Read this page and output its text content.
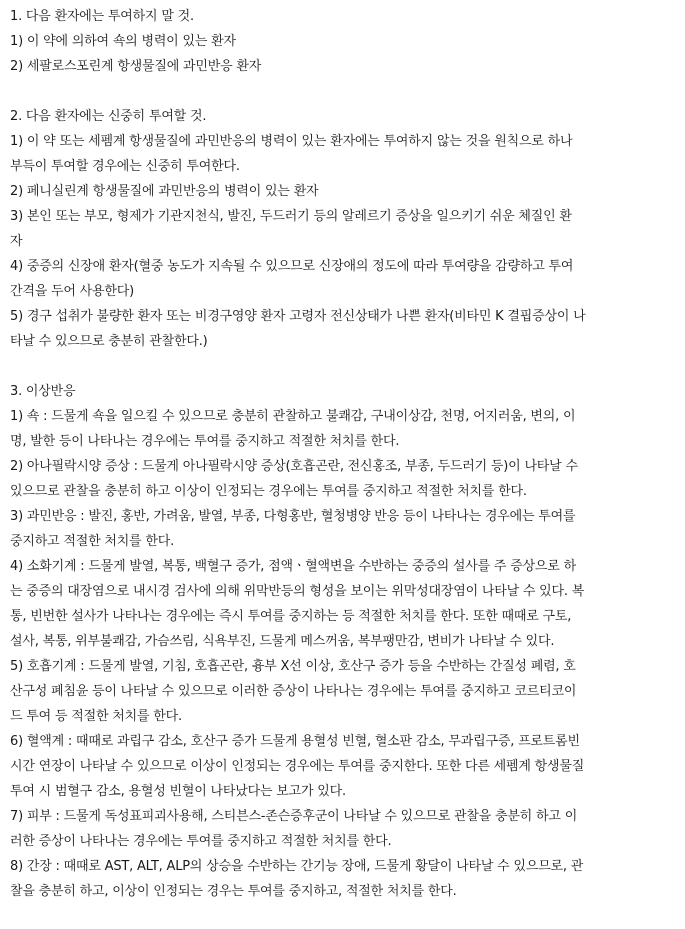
1. 다음 환자에는 투여하지 말 것.
1) 이 약에 의하여 쇽의 병력이 있는 환자
2) 세팔로스포린계 항생물질에 과민반응 환자
2. 다음 환자에는 신중히 투여할 것.
1) 이 약 또는 세펨계 항생물질에 과민반응의 병력이 있는 환자에는 투여하지 않는 것을 원칙으로 하나
부득이 투여할 경우에는 신중히 투여한다.
2) 페니실린계 항생물질에 과민반응의 병력이 있는 환자
3) 본인 또는 부모, 형제가 기관지천식, 발진, 두드러기 등의 알레르기 증상을 일으키기 쉬운 체질인 환
자
4) 중증의 신장애 환자(혈중 농도가 지속될 수 있으므로 신장애의 정도에 따라 투여량을 감량하고 투여
간격을 두어 사용한다)
5) 경구 섭취가 불량한 환자 또는 비경구영양 환자 고령자 전신상태가 나쁜 환자(비타민 K 결핍증상이 나
타날 수 있으므로 충분히 관찰한다.)
3. 이상반응
1) 쇽 : 드물게 쇽을 일으킬 수 있으므로 충분히 관찰하고 불쾌감, 구내이상감, 천명, 어지러움, 변의, 이
명, 발한 등이 나타나는 경우에는 투여를 중지하고 적절한 처치를 한다.
2) 아나필락시양 증상 : 드물게 아나필락시양 증상(호흡곤란, 전신홍조, 부종, 두드러기 등)이 나타날 수
있으므로 관찰을 충분히 하고 이상이 인정되는 경우에는 투여를 중지하고 적절한 처치를 한다.
3) 과민반응 : 발진, 홍반, 가려움, 발열, 부종, 다형홍반, 혈청병양 반응 등이 나타나는 경우에는 투여를
중지하고 적절한 처치를 한다.
4) 소화기계 : 드물게 발열, 복통, 백혈구 증가, 점액ㆍ혈액변을 수반하는 중증의 설사를 주 증상으로 하
는 중증의 대장염으로 내시경 검사에 의해 위막반등의 형성을 보이는 위막성대장염이 나타날 수 있다. 복
통, 빈번한 설사가 나타나는 경우에는 즉시 투여를 중지하는 등 적절한 처치를 한다. 또한 때때로 구토,
설사, 복통, 위부불쾌감, 가슴쓰림, 식욕부진, 드물게 메스꺼움, 복부팽만감, 변비가 나타날 수 있다.
5) 호흡기계 : 드물게 발열, 기침, 호흡곤란, 흉부 X선 이상, 호산구 증가 등을 수반하는 간질성 폐렴, 호
산구성 폐침윤 등이 나타날 수 있으므로 이러한 증상이 나타나는 경우에는 투여를 중지하고 코르티코이
드 투여 등 적절한 처치를 한다.
6) 혈액계 : 때때로 과립구 감소, 호산구 증가 드물게 용혈성 빈혈, 혈소판 감소, 무과립구증, 프로트롬빈
시간 연장이 나타날 수 있으므로 이상이 인정되는 경우에는 투여를 중지한다. 또한 다른 세펨계 항생물질
투여 시 범혈구 감소, 용혈성 빈혈이 나타났다는 보고가 있다.
7) 피부 : 드물게 독성표피괴사용해, 스티븐스-존슨증후군이 나타날 수 있으므로 관찰을 충분히 하고 이
러한 증상이 나타나는 경우에는 투여를 중지하고 적절한 처치를 한다.
8) 간장 : 때때로 AST, ALT, ALP의 상승을 수반하는 간기능 장애, 드물게 황달이 나타날 수 있으므로, 관
찰을 충분히 하고, 이상이 인정되는 경우는 투여를 중지하고, 적절한 처치를 한다.
